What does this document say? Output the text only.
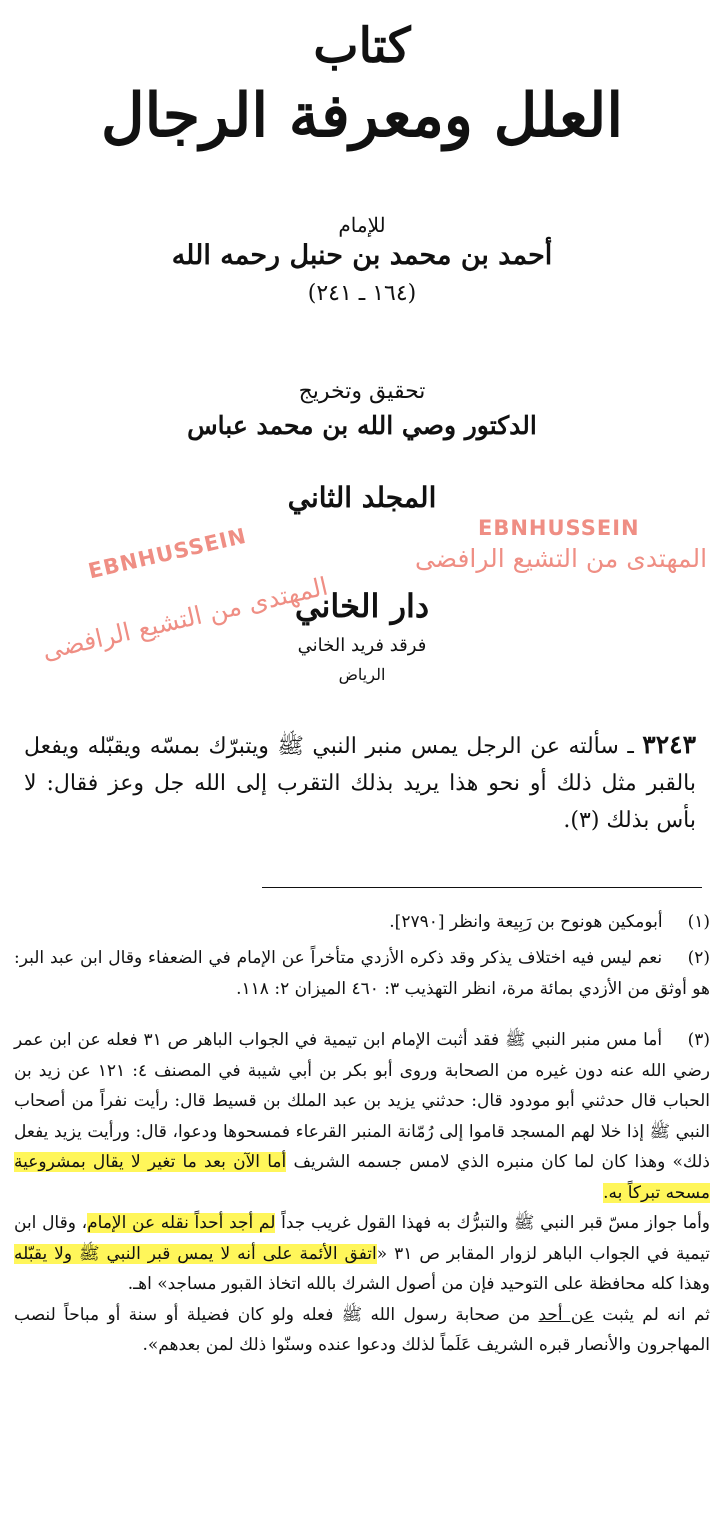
كتاب
العلل ومعرفة الرجال
للإمام
أحمد بن محمد بن حنبل رحمه الله
(١٦٤ ـ ٢٤١)
تحقيق وتخريج
الدكتور وصي الله بن محمد عباس
المجلد الثاني
دار الخاني
فرقد فريد الخاني
الرياض
EBNHUSSEIN
المهتدى من التشيع الرافضى
EBNHUSSEIN
المهتدى من التشيع الرافضى
٣٢٤٣ ـ سألته عن الرجل يمس منبر النبي ﷺ ويتبرّك بمسّه ويقبّله ويفعل بالقبر مثل ذلك أو نحو هذا يريد بذلك التقرب إلى الله جل وعز فقال: لا بأس بذلك (٣).
(١) أبومكين هونوح بن رَبِيعة وانظر [٢٧٩٠].
(٢) نعم ليس فيه اختلاف يذكر وقد ذكره الأزدي متأخراً عن الإمام في الضعفاء وقال ابن عبد البر: هو أوثق من الأزدي بمائة مرة، انظر التهذيب ٣: ٤٦٠ الميزان ٢: ١١٨.
(٣) أما مس منبر النبي ﷺ فقد أثبت الإمام ابن تيمية في الجواب الباهر ص ٣١ فعله عن ابن عمر رضي الله عنه دون غيره من الصحابة وروى أبو بكر بن أبي شيبة في المصنف ٤: ١٢١ عن زيد بن الحباب قال حدثني أبو مودود قال: حدثني يزيد بن عبد الملك بن قسيط قال: رأيت نفراً من أصحاب النبي ﷺ إذا خلا لهم المسجد قاموا إلى رُمّانة المنبر القرعاء فمسحوها ودعوا، قال: ورأيت يزيد يفعل ذلك» وهذا كان لما كان منبره الذي لامس جسمه الشريف أما الآن بعد ما تغير لا يقال بمشروعية مسحه تبركاً به.
وأما جواز مسّ قبر النبي ﷺ والتبرُّك به فهذا القول غريب جداً لم أجد أحداً نقله عن الإمام، وقال ابن تيمية في الجواب الباهر لزوار المقابر ص ٣١ «اتفق الأئمة على أنه لا يمس قبر النبي ﷺ ولا يقبّله وهذا كله محافظة على التوحيد فإن من أصول الشرك بالله اتخاذ القبور مساجد» اهـ.
ثم انه لم يثبت عن أحد من صحابة رسول الله ﷺ فعله ولو كان فضيلة أو سنة أو مباحاً لنصب المهاجرون والأنصار قبره الشريف عَلَماً لذلك ودعوا عنده وسنّوا ذلك لمن بعدهم».
